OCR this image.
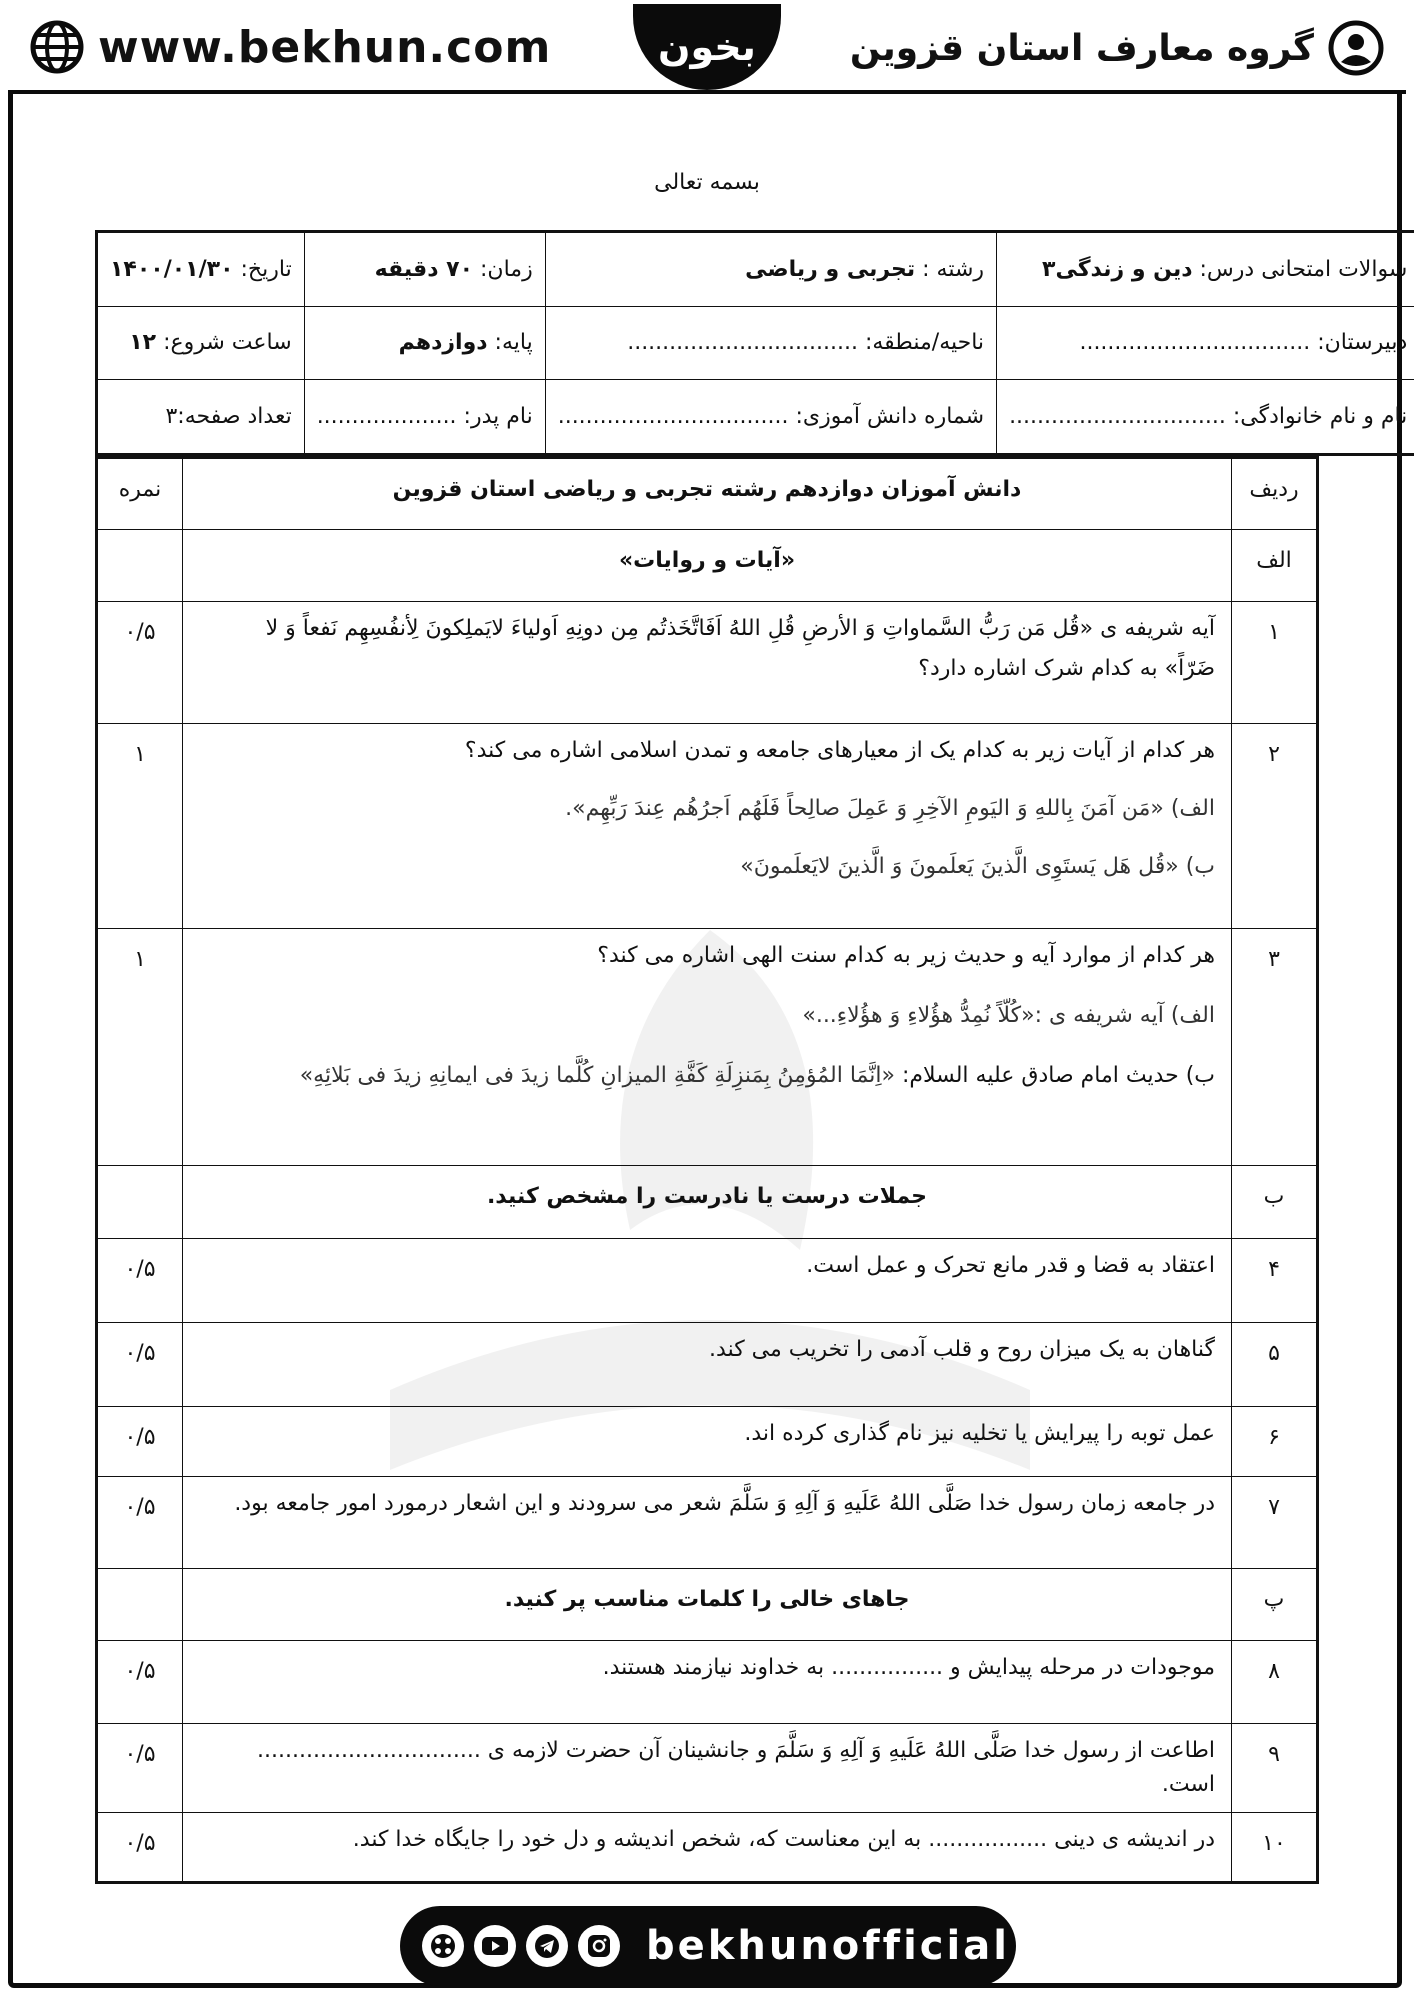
www.bekhun.com	گروه معارف استان قزوین
بخون
بسمه تعالی
سوالات امتحانی درس: دین و زندگی۳	رشته : تجربی و ریاضی	زمان: ۷۰ دقیقه	تاریخ: ۱۴۰۰/۰۱/۳۰
دبیرستان: .................................	ناحیه/منطقه: .................................	پایه: دوازدهم	ساعت شروع: ۱۲
نام و نام خانوادگی: ...............................	شماره دانش آموزی: .................................	نام پدر: ....................	تعداد صفحه:۳
ردیف	دانش آموزان دوازدهم رشته تجربی و ریاضی استان قزوین	نمره
الف	«آیات و روایات»	
۱	آیه شریفه ی «قُل مَن رَبُّ السَّماواتِ وَ الأرضِ قُلِ اللهُ اَفَاتَّخَذتُم مِن دونِهِ اَولیاءَ لایَملِکونَ لِأنفُسِهِم نَفعاً وَ لا

ضَرّاً» به کدام شرک اشاره دارد؟	۰/۵
۲	هر کدام از آیات زیر به کدام یک از معیارهای جامعه و تمدن اسلامی اشاره می کند؟

الف) «مَن آمَنَ بِاللهِ وَ الیَومِ الآخِرِ وَ عَمِلَ صالِحاً فَلَهُم اَجرُهُم عِندَ رَبِّهِم».

ب) «قُل هَل یَستَوِی الَّذینَ یَعلَمونَ وَ الَّذینَ لایَعلَمونَ»	۱
۳	هر کدام از موارد آیه و حدیث زیر به کدام سنت الهی اشاره می کند؟

الف) آیه شریفه ی :«کُلّاً نُمِدُّ هؤُلاءِ وَ هؤُلاءِ...»

ب) حدیث امام صادق علیه السلام: «اِنَّمَا المُؤمِنُ بِمَنزِلَةِ کَفَّةِ المیزانِ کُلَّما زیدَ فی ایمانِهِ زیدَ فی بَلائِهِ»	۱
ب	جملات درست یا نادرست را مشخص کنید.	
۴	اعتقاد به قضا و قدر مانع تحرک و عمل است.	۰/۵
۵	گناهان به یک میزان روح و قلب آدمی را تخریب می کند.	۰/۵
۶	عمل توبه را پیرایش یا تخلیه نیز نام گذاری کرده اند.	۰/۵
۷	در جامعه زمان رسول خدا صَلَّی اللهُ عَلَیهِ وَ آلِهِ وَ سَلَّمَ شعر می سرودند و این اشعار درمورد امور جامعه بود.	۰/۵
پ	جاهای خالی را کلمات مناسب پر کنید.	
۸	موجودات در مرحله پیدایش و ................ به خداوند نیازمند هستند.	۰/۵
۹	اطاعت از رسول خدا صَلَّی اللهُ عَلَیهِ وَ آلِهِ وَ سَلَّمَ و جانشینان آن حضرت لازمه ی ................................ است.	۰/۵
۱۰	در اندیشه ی دینی ................. به این معناست که، شخص اندیشه و دل خود را جایگاه خدا کند.	۰/۵
bekhunofficial
